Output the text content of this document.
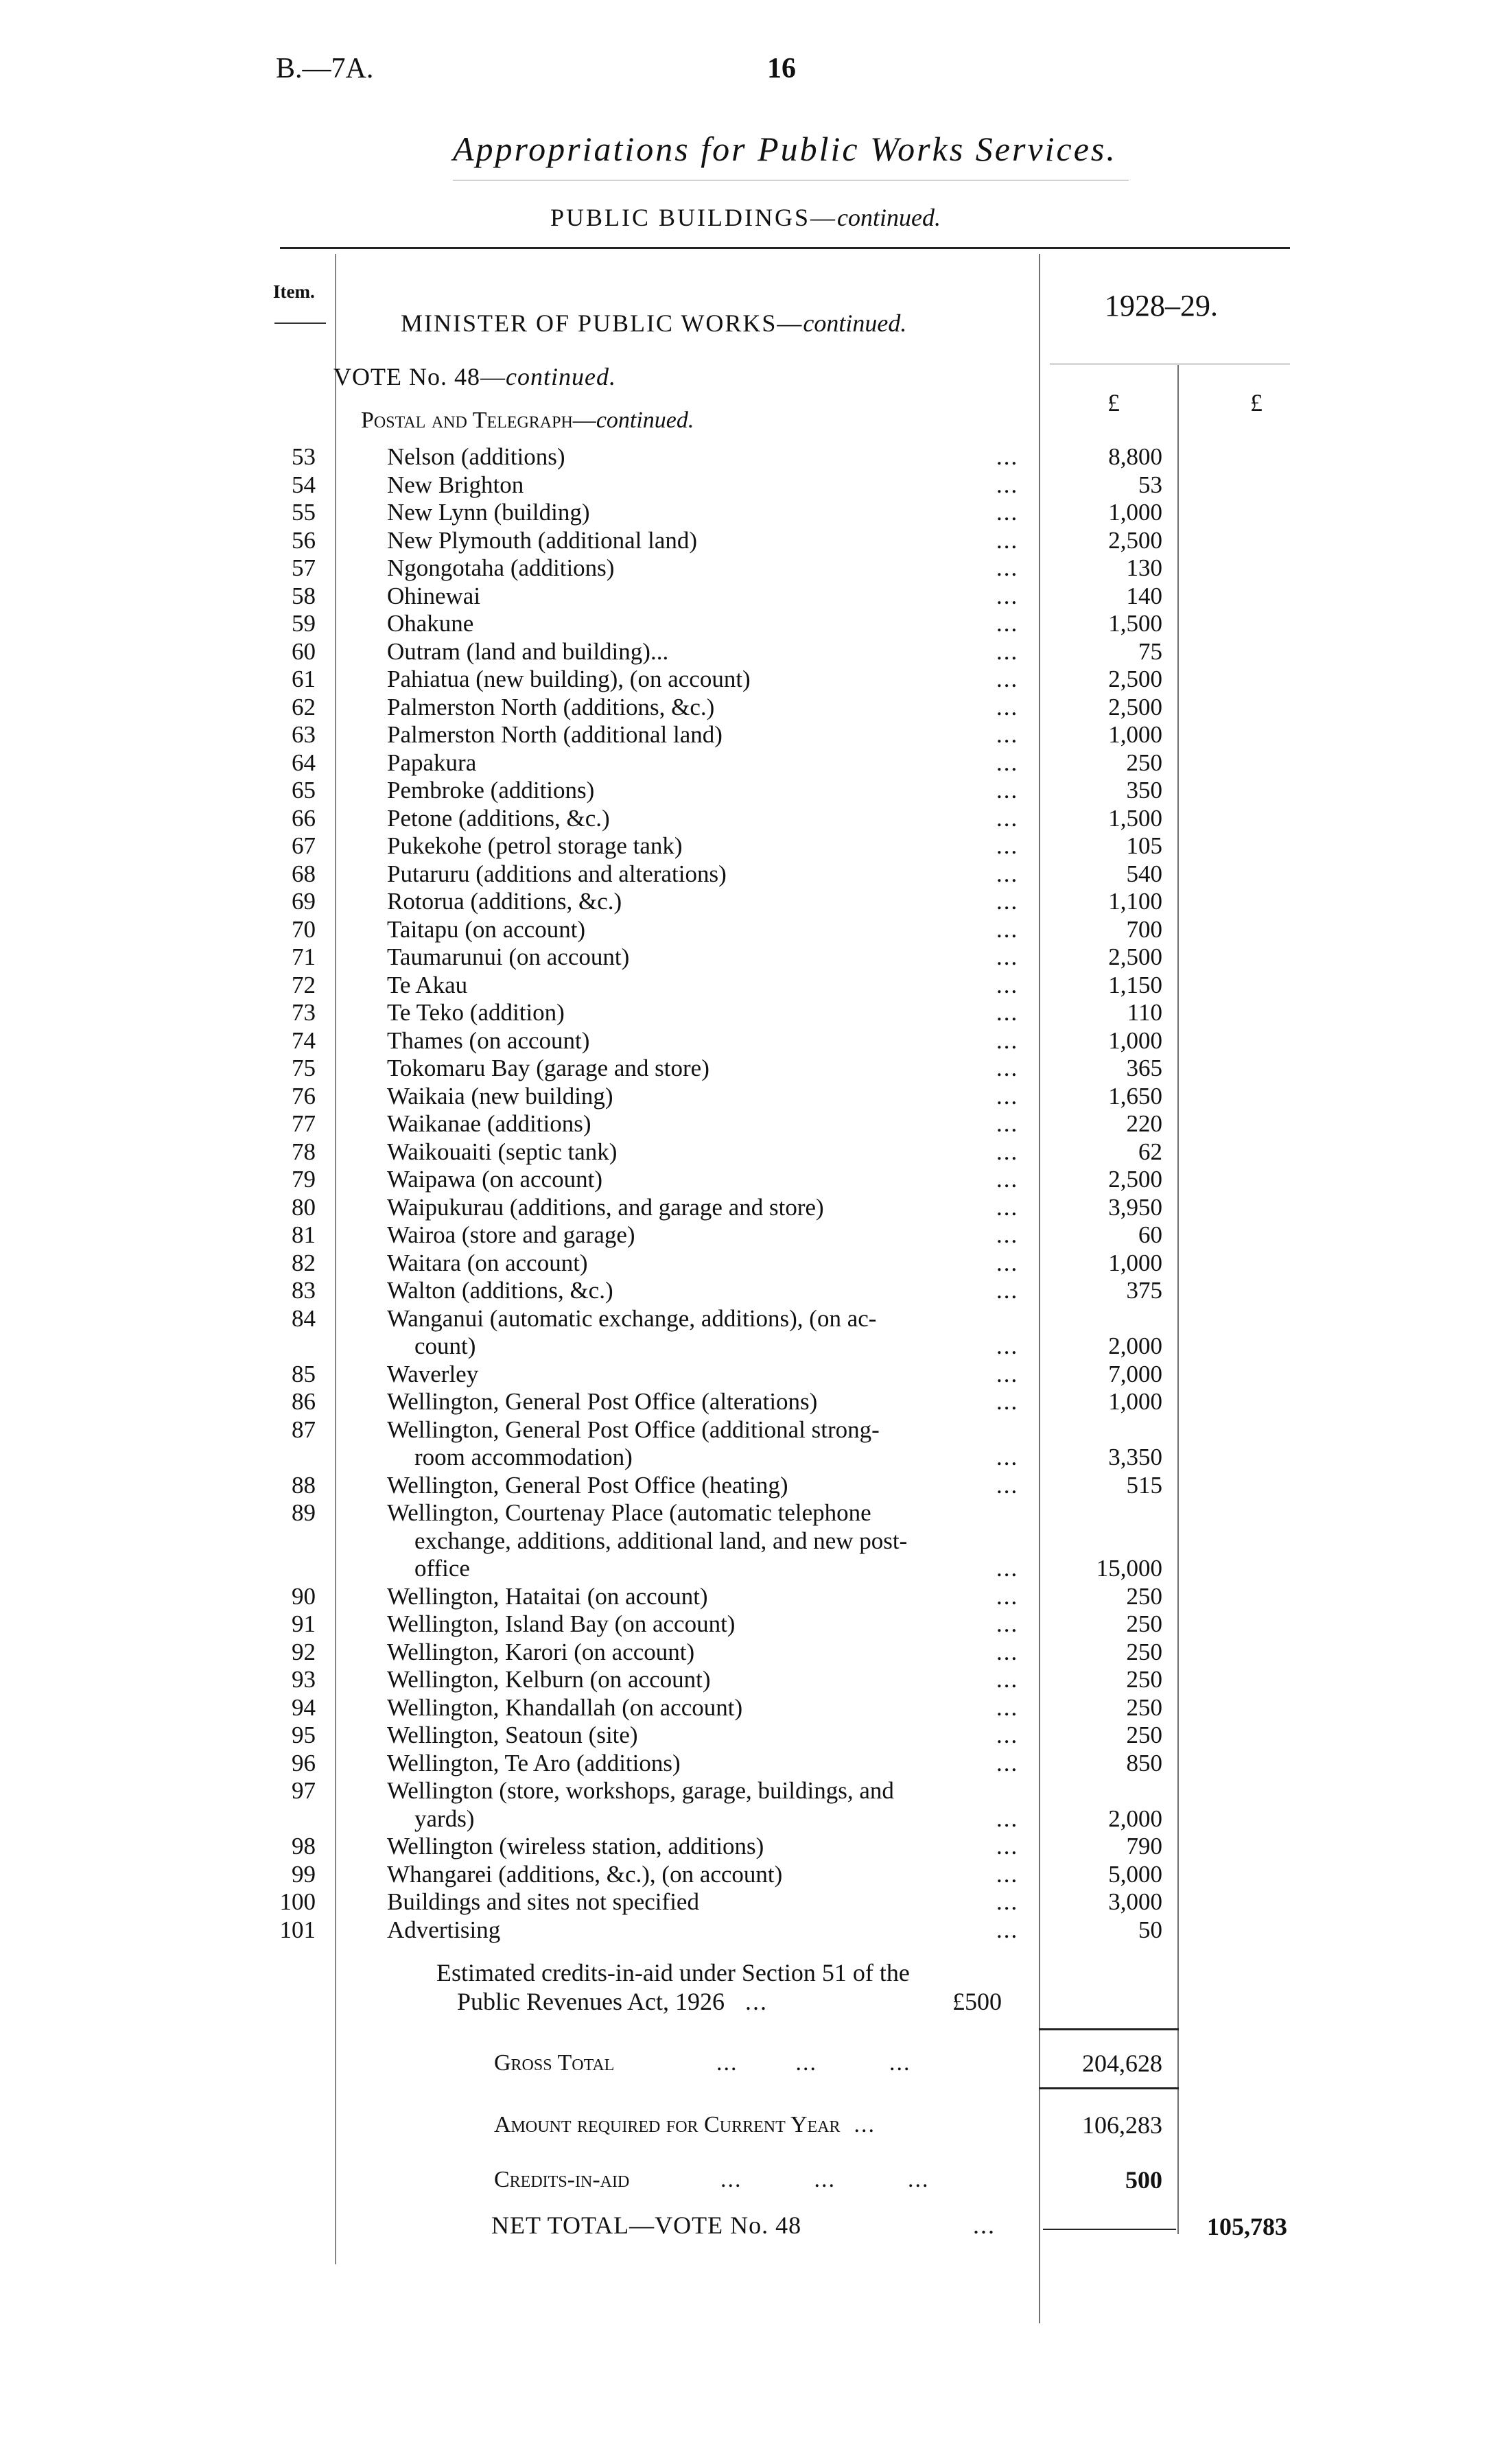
B.—7A.	16
Appropriations for Public Works Services.
PUBLIC BUILDINGS—continued.
Item.
MINISTER OF PUBLIC WORKS—continued.
1928–29.
VOTE No. 48—continued.
£	£
Postal and Telegraph—continued.
53	Nelson (additions)	...	8,800
54	New Brighton	...	53
55	New Lynn (building)	...	1,000
56	New Plymouth (additional land)	...	2,500
57	Ngongotaha (additions)	...	130
58	Ohinewai	...	140
59	Ohakune	...	1,500
60	Outram (land and building)...	...	75
61	Pahiatua (new building), (on account)	...	2,500
62	Palmerston North (additions, &c.)	...	2,500
63	Palmerston North (additional land)	...	1,000
64	Papakura	...	250
65	Pembroke (additions)	...	350
66	Petone (additions, &c.)	...	1,500
67	Pukekohe (petrol storage tank)	...	105
68	Putaruru (additions and alterations)	...	540
69	Rotorua (additions, &c.)	...	1,100
70	Taitapu (on account)	...	700
71	Taumarunui (on account)	...	2,500
72	Te Akau	...	1,150
73	Te Teko (addition)	...	110
74	Thames (on account)	...	1,000
75	Tokomaru Bay (garage and store)	...	365
76	Waikaia (new building)	...	1,650
77	Waikanae (additions)	...	220
78	Waikouaiti (septic tank)	...	62
79	Waipawa (on account)	...	2,500
80	Waipukurau (additions, and garage and store)	...	3,950
81	Wairoa (store and garage)	...	60
82	Waitara (on account)	...	1,000
83	Walton (additions, &c.)	...	375
84	Wanganui (automatic exchange, additions), (on ac-
count)	...	2,000
85	Waverley	...	7,000
86	Wellington, General Post Office (alterations)	...	1,000
87	Wellington, General Post Office (additional strong-
room accommodation)	...	3,350
88	Wellington, General Post Office (heating)	...	515
89	Wellington, Courtenay Place (automatic telephone
exchange, additions, additional land, and new post-
office	...	15,000
90	Wellington, Hataitai (on account)	...	250
91	Wellington, Island Bay (on account)	...	250
92	Wellington, Karori (on account)	...	250
93	Wellington, Kelburn (on account)	...	250
94	Wellington, Khandallah (on account)	...	250
95	Wellington, Seatoun (site)	...	250
96	Wellington, Te Aro (additions)	...	850
97	Wellington (store, workshops, garage, buildings, and
yards)	...	2,000
98	Wellington (wireless station, additions)	...	790
99	Whangarei (additions, &c.), (on account)	...	5,000
100	Buildings and sites not specified	...	3,000
101	Advertising	...	50
Estimated credits-in-aid under Section 51 of the
Public Revenues Act, 1926 ...	£500
Gross Total	...        ...          ...	204,628
Amount required for Current Year ...	106,283
Credits-in-aid	...          ...          ...	500
NET TOTAL—VOTE No. 48	...	105,783
